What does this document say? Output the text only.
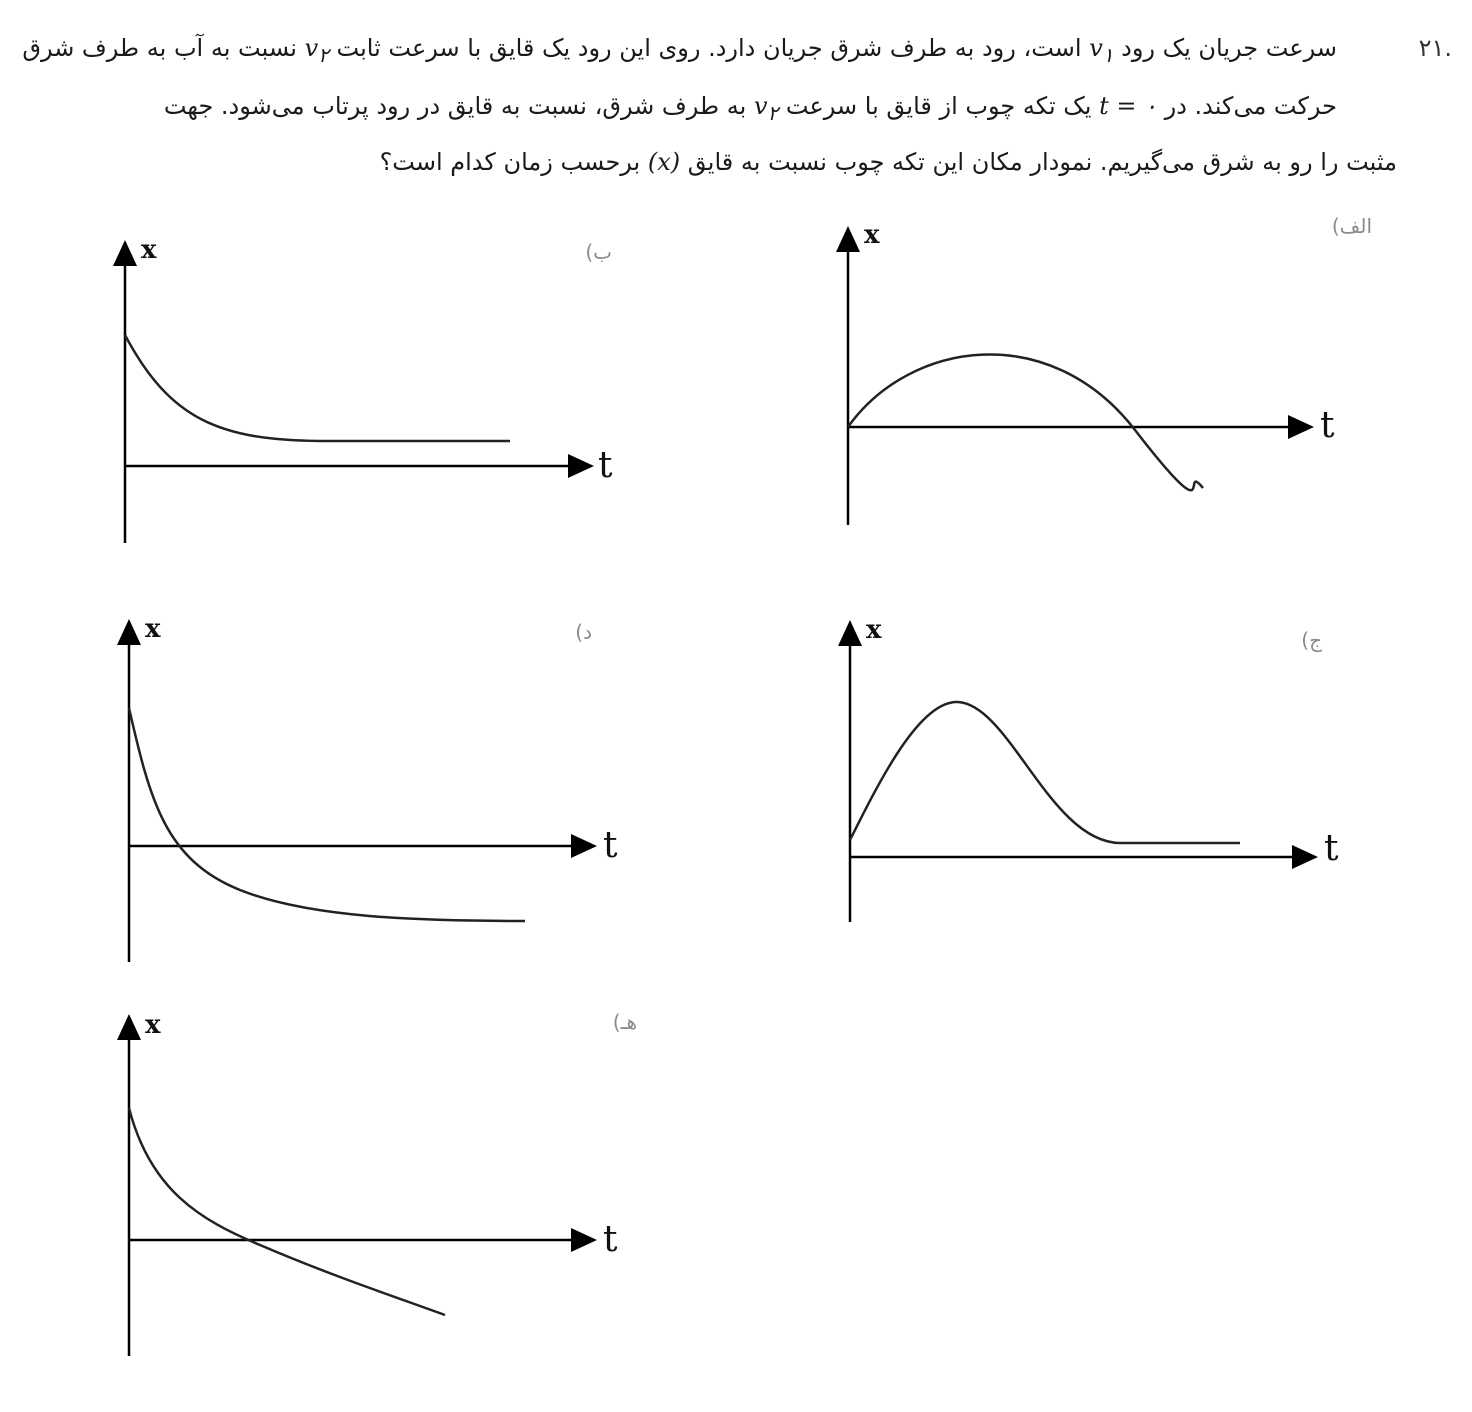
۲۱.
سرعت جریان یک رود $v_۱$ است، رود به طرف شرق جریان دارد. روی این رود یک قایق با سرعت ثابت $v_۲$ نسبت به آب به طرف شرق
حرکت می‌کند. در t = ۰ یک تکه چوب از قایق با سرعت $v_۲$ به طرف شرق، نسبت به قایق در رود پرتاب می‌شود. جهت
مثبت را رو به شرق می‌گیریم. نمودار مکان این تکه چوب نسبت به قایق (x) برحسب زمان کدام است؟
الف)
ب)
ج)
د)
هـ)
x
t
x
t
x
t
x
t
x
t
